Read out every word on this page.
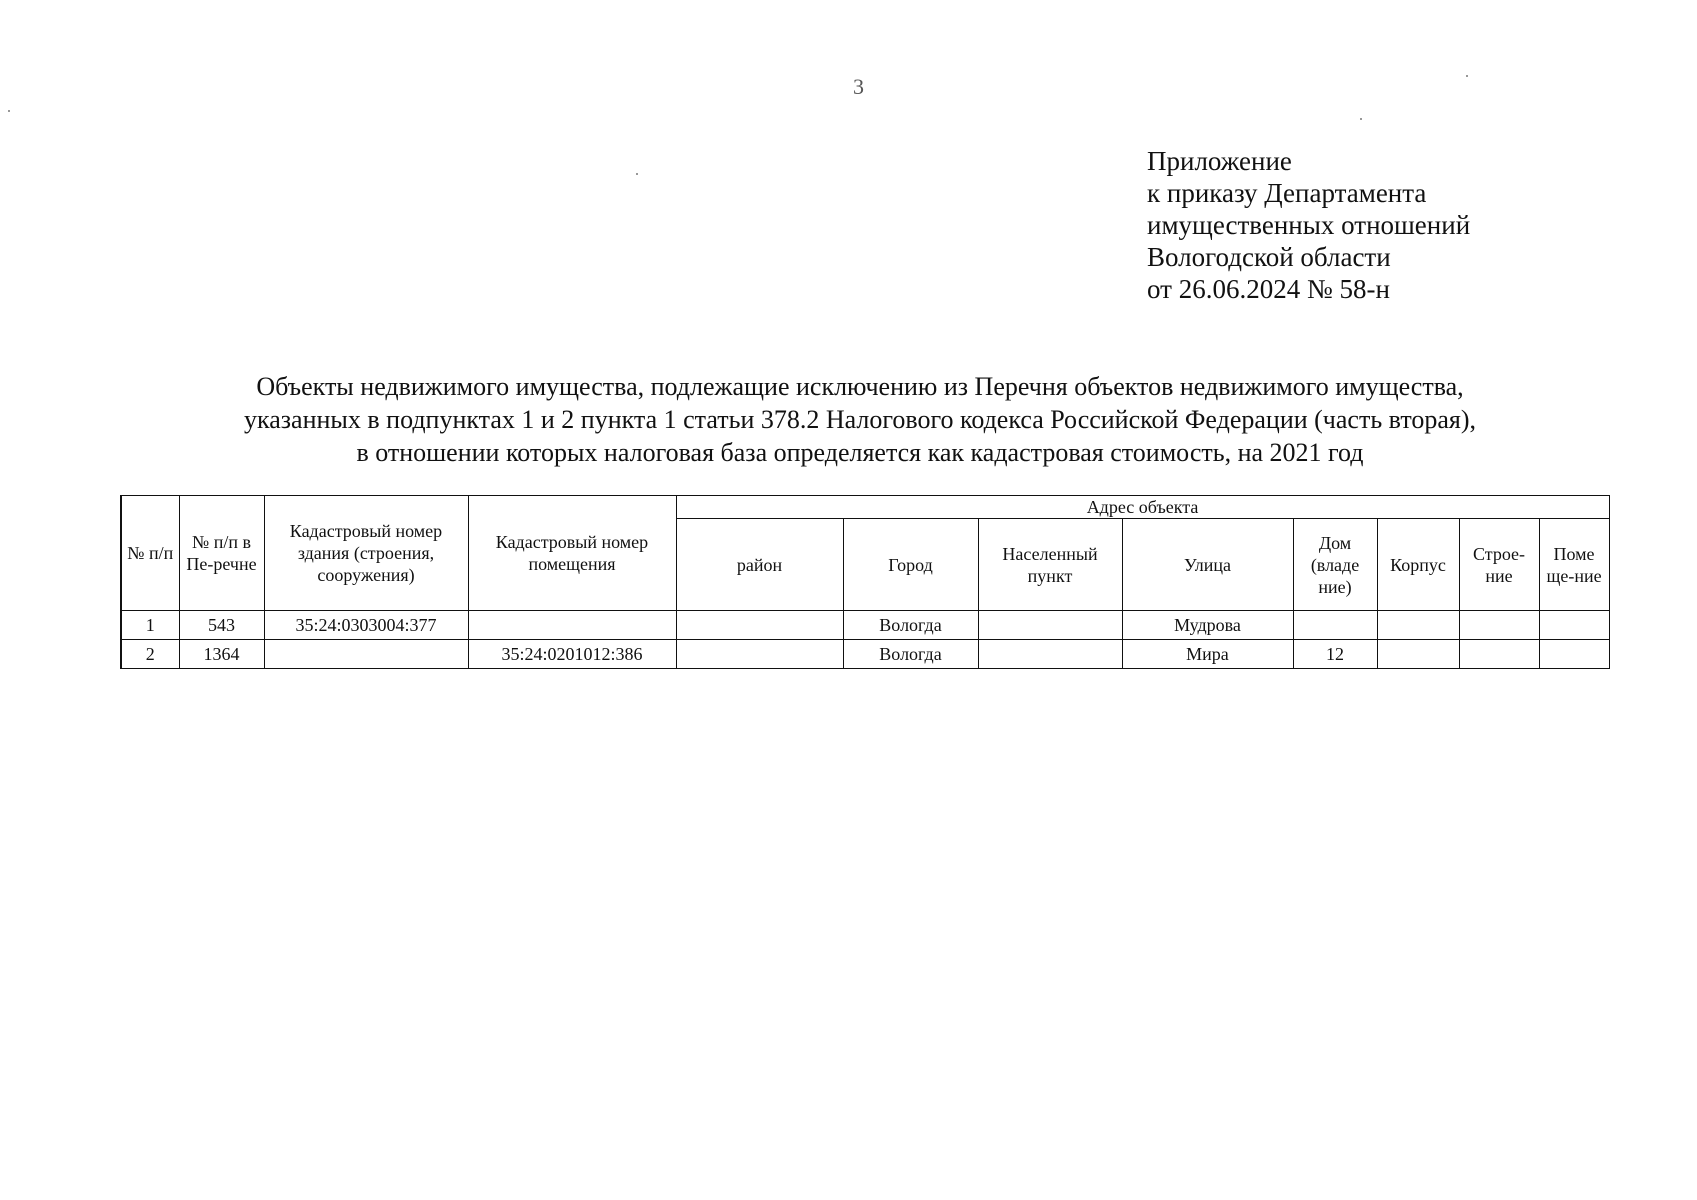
3
Приложение
к приказу Департамента
имущественных отношений
Вологодской области
от 26.06.2024 № 58-н
Объекты недвижимого имущества, подлежащие исключению из Перечня объектов недвижимого имущества,
указанных в подпунктах 1 и 2 пункта 1 статьи 378.2 Налогового кодекса Российской Федерации (часть вторая),
в отношении которых налоговая база определяется как кадастровая стоимость, на 2021 год
№ п/п	№ п/п в Пе-речне	Кадастровый номер здания (строения, сооружения)	Кадастровый номер помещения	Адрес объекта							
				район	Город	Населенный пункт	Улица	Дом (владе ние)	Корпус	Строе-ние	Поме ще-ние
1	543	35:24:0303004:377			Вологда		Мудрова				
2	1364		35:24:0201012:386		Вологда		Мира	12			
